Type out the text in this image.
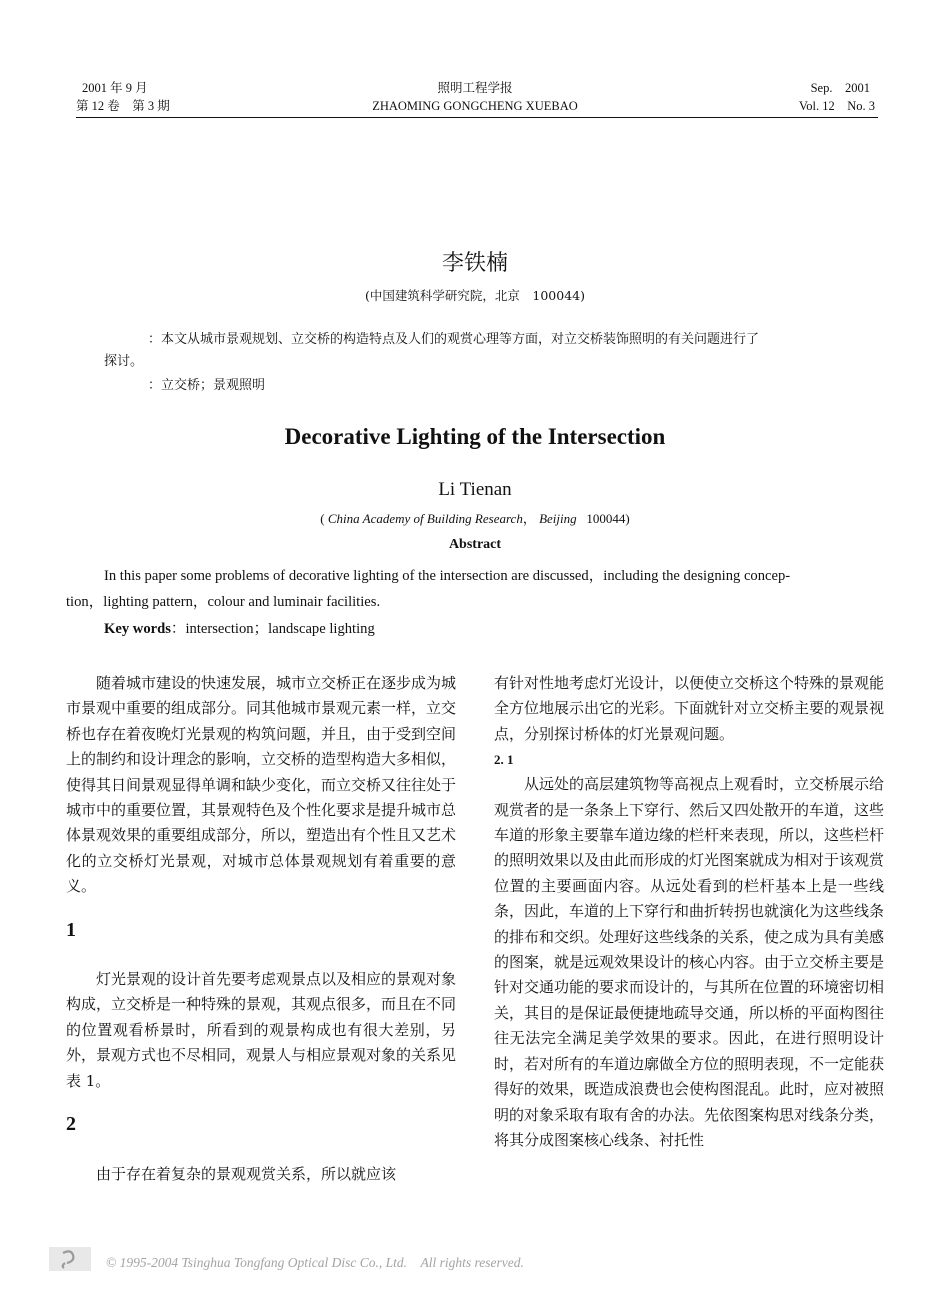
2001 年 9 月
第 12 卷　第 3 期
照明工程学报
ZHAOMING GONGCHENG XUEBAO
Sep.　2001
Vol. 12　No. 3
李铁楠
(中国建筑科学研究院，北京　100044)
：本文从城市景观规划、立交桥的构造特点及人们的观赏心理等方面，对立交桥装饰照明的有关问题进行了
探讨。
：立交桥；景观照明
Decorative Lighting of the Intersection
Li Tienan
( China Academy of Building Research， Beijing 100044)
Abstract
In this paper some problems of decorative lighting of the intersection are discussed，including the designing concep-
tion，lighting pattern，colour and luminair facilities.
Key words：intersection；landscape lighting

随着城市建设的快速发展，城市立交桥正在逐步成为城市景观中重要的组成部分。同其他城市景观元素一样，立交桥也存在着夜晚灯光景观的构筑问题，并且，由于受到空间上的制约和设计理念的影响，立交桥的造型构造大多相似，使得其日间景观显得单调和缺少变化，而立交桥又往往处于城市中的重要位置，其景观特色及个性化要求是提升城市总体景观效果的重要组成部分，所以，塑造出有个性且又艺术化的立交桥灯光景观，对城市总体景观规划有着重要的意义。

1

灯光景观的设计首先要考虑观景点以及相应的景观对象构成，立交桥是一种特殊的景观，其观点很多，而且在不同的位置观看桥景时，所看到的观景构成也有很大差别，另外，景观方式也不尽相同，观景人与相应景观对象的关系见表 1。

2

由于存在着复杂的景观观赏关系，所以就应该

有针对性地考虑灯光设计，以便使立交桥这个特殊的景观能全方位地展示出它的光彩。下面就针对立交桥主要的观景视点，分别探讨桥体的灯光景观问题。

2. 1

从远处的高层建筑物等高视点上观看时，立交桥展示给观赏者的是一条条上下穿行、然后又四处散开的车道，这些车道的形象主要靠车道边缘的栏杆来表现，所以，这些栏杆的照明效果以及由此而形成的灯光图案就成为相对于该观赏位置的主要画面内容。从远处看到的栏杆基本上是一些线条，因此，车道的上下穿行和曲折转拐也就演化为这些线条的排布和交织。处理好这些线条的关系，使之成为具有美感的图案，就是远观效果设计的核心内容。由于立交桥主要是针对交通功能的要求而设计的，与其所在位置的环境密切相关，其目的是保证最便捷地疏导交通，所以桥的平面构图往往无法完全满足美学效果的要求。因此，在进行照明设计时，若对所有的车道边廓做全方位的照明表现，不一定能获得好的效果，既造成浪费也会使构图混乱。此时，应对被照明的对象采取有取有舍的办法。先依图案构思对线条分类，将其分成图案核心线条、衬托性

© 1995-2004 Tsinghua Tongfang Optical Disc Co., Ltd.　All rights reserved.
